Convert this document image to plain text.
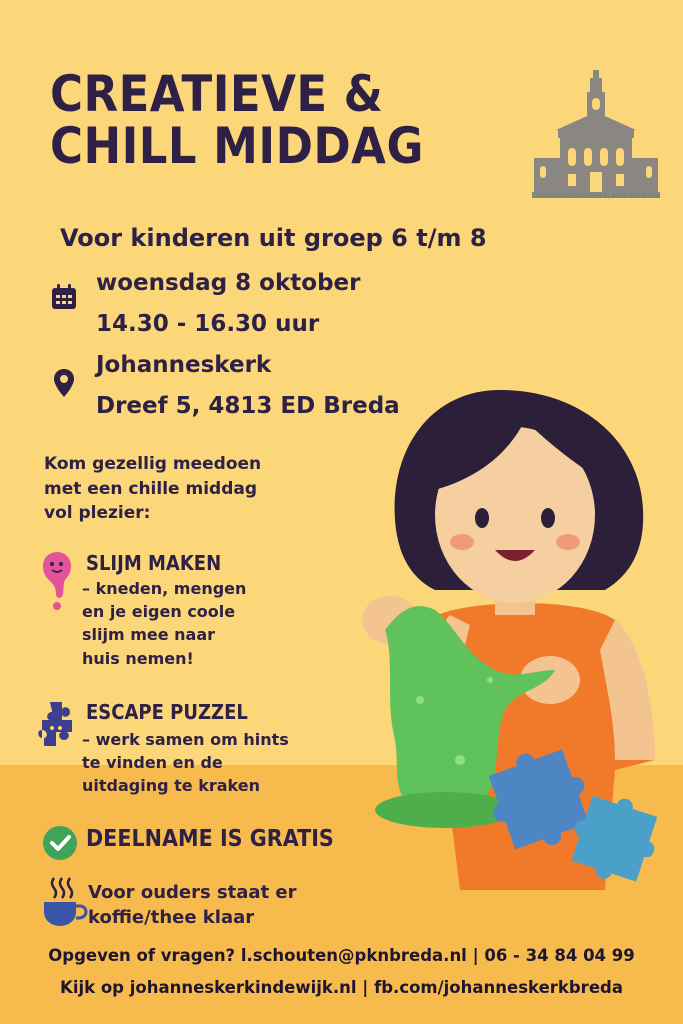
CREATIEVE &
CHILL MIDDAG
Johanneskerk - Dreef 5, 4813 ED Breda
Voor kinderen uit groep 6 t/m 8
woensdag 8 oktober
14.30 - 16.30 uur
Johanneskerk
Dreef 5, 4813 ED Breda
Kom gezellig meedoen
met een chille middag
vol plezier:
SLIJM MAKEN
– kneden, mengen
en je eigen coole
slijm mee naar
huis nemen!
ESCAPE PUZZEL
– werk samen om hints
te vinden en de
uitdaging te kraken
DEELNAME IS GRATIS
Voor ouders staat er
koffie/thee klaar
Opgeven of vragen? l.schouten@pknbreda.nl | 06 - 34 84 04 99
Kijk op johanneskerkindewijk.nl | fb.com/johanneskerkbreda
